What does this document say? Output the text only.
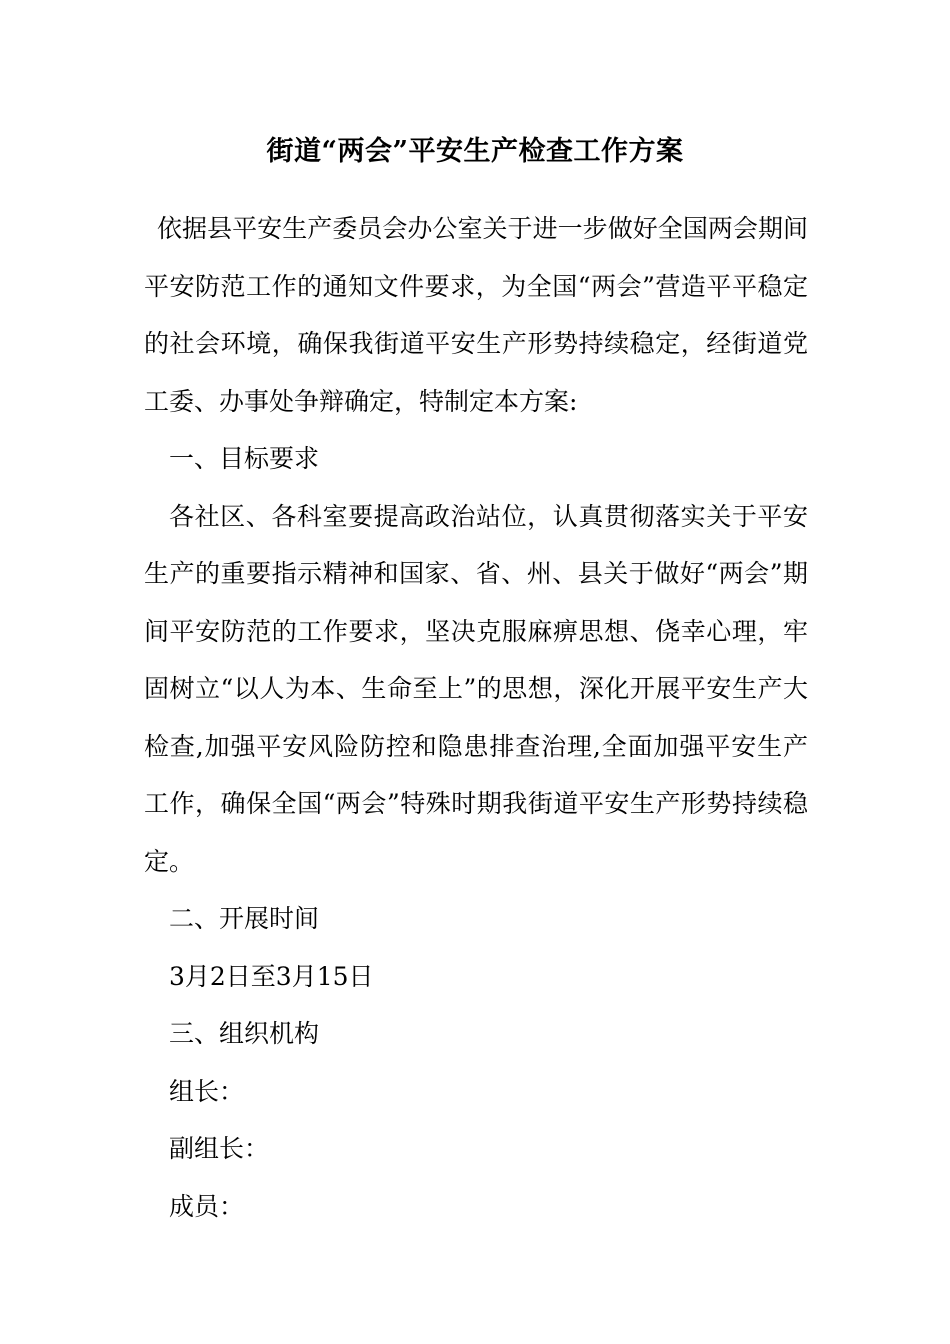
街道“两会”平安生产检查工作方案

依据县平安生产委员会办公室关于进一步做好全国两会期间平安防范工作的通知文件要求，为全国“两会”营造平平稳定的社会环境，确保我街道平安生产形势持续稳定，经街道党工委、办事处争辩确定，特制定本方案:

一、目标要求

各社区、各科室要提高政治站位，认真贯彻落实关于平安生产的重要指示精神和国家、省、州、县关于做好“两会”期间平安防范的工作要求，坚决克服麻痹思想、侥幸心理，牢固树立“以人为本、生命至上”的思想，深化开展平安生产大检查,加强平安风险防控和隐患排查治理,全面加强平安生产工作，确保全国“两会”特殊时期我街道平安生产形势持续稳定。

二、开展时间

3月2日至3月15日

三、组织机构

组长：

副组长：

成员：
